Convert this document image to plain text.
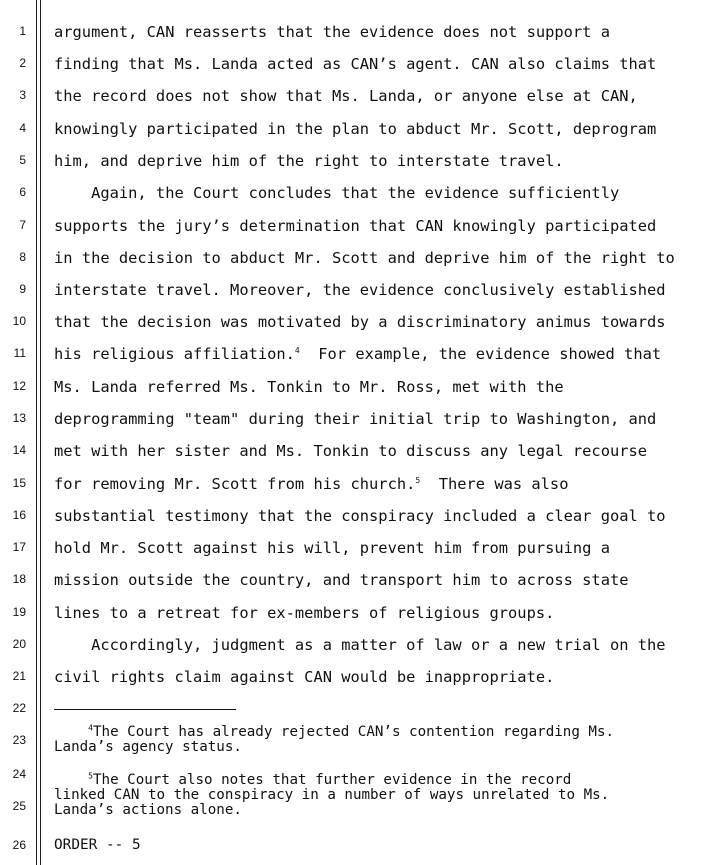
1
2
3
4
5
6
7
8
9
10
11
12
13
14
15
16
17
18
19
20
21
22
23
24
25
26
argument, CAN reasserts that the evidence does not support a
finding that Ms. Landa acted as CAN’s agent. CAN also claims that
the record does not show that Ms. Landa, or anyone else at CAN,
knowingly participated in the plan to abduct Mr. Scott, deprogram
him, and deprive him of the right to interstate travel.
Again, the Court concludes that the evidence sufficiently
supports the jury’s determination that CAN knowingly participated
in the decision to abduct Mr. Scott and deprive him of the right to
interstate travel. Moreover, the evidence conclusively established
that the decision was motivated by a discriminatory animus towards
his religious affiliation.$^4$  For example, the evidence showed that
Ms. Landa referred Ms. Tonkin to Mr. Ross, met with the
deprogramming "team" during their initial trip to Washington, and
met with her sister and Ms. Tonkin to discuss any legal recourse
for removing Mr. Scott from his church.$^5$  There was also
substantial testimony that the conspiracy included a clear goal to
hold Mr. Scott against his will, prevent him from pursuing a
mission outside the country, and transport him to across state
lines to a retreat for ex-members of religious groups.
Accordingly, judgment as a matter of law or a new trial on the
civil rights claim against CAN would be inappropriate.
$^4$The Court has already rejected CAN’s contention regarding Ms.
Landa’s agency status.
$^5$The Court also notes that further evidence in the record
linked CAN to the conspiracy in a number of ways unrelated to Ms.
Landa’s actions alone.
ORDER -- 5
